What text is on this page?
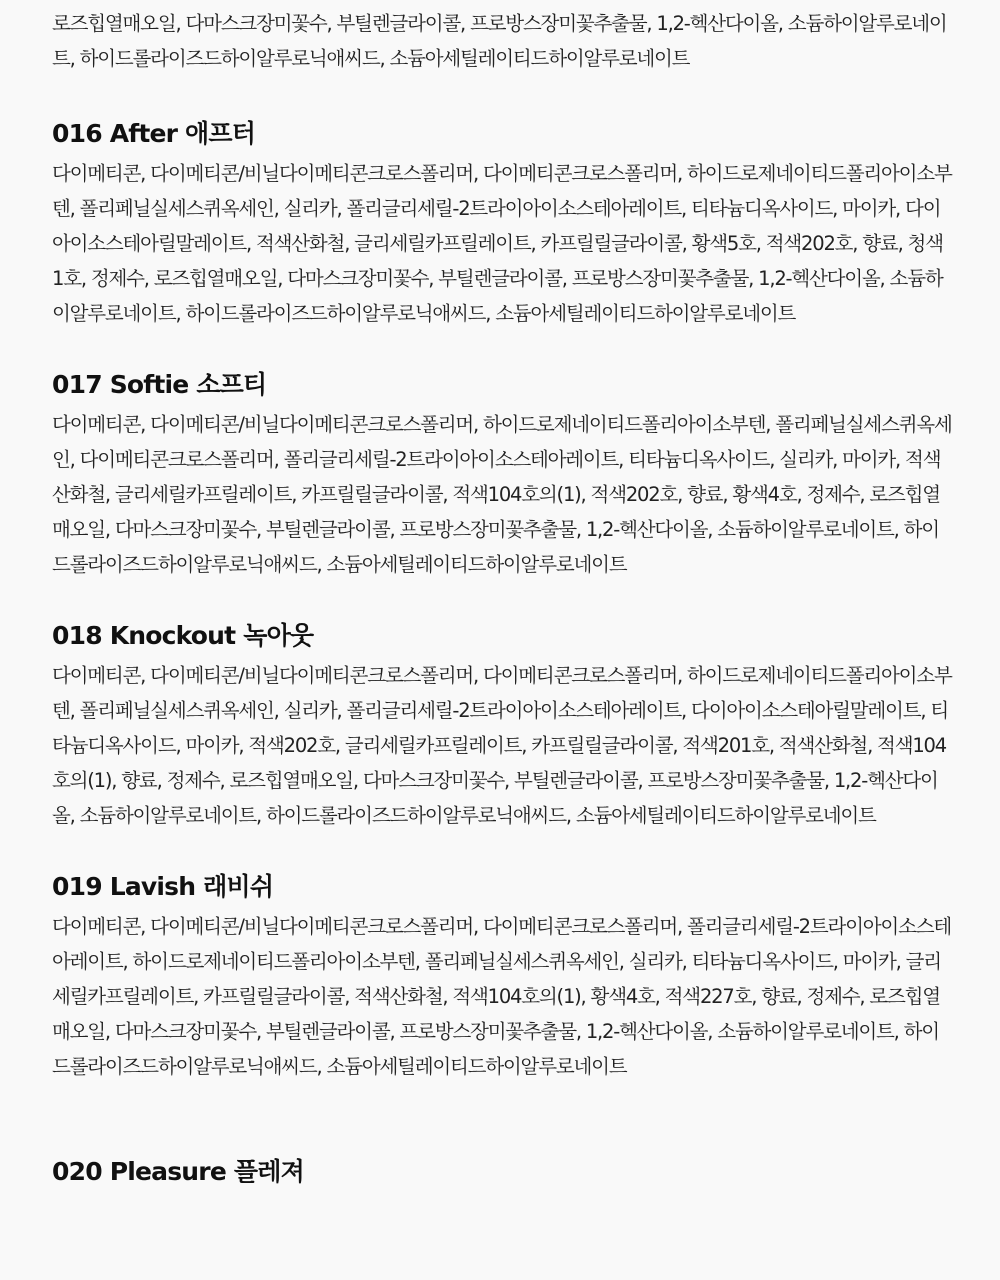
로즈힙열매오일, 다마스크장미꽃수, 부틸렌글라이콜, 프로방스장미꽃추출물, 1,2-헥산다이올, 소듐하이알루로네이트, 하이드롤라이즈드하이알루로닉애씨드, 소듐아세틸레이티드하이알루로네이트

016 After 애프터

다이메티콘, 다이메티콘/비닐다이메티콘크로스폴리머, 다이메티콘크로스폴리머, 하이드로제네이티드폴리아이소부텐, 폴리페닐실세스퀴옥세인, 실리카, 폴리글리세릴-2트라이아이소스테아레이트, 티타늄디옥사이드, 마이카, 다이아이소스테아릴말레이트, 적색산화철, 글리세릴카프릴레이트, 카프릴릴글라이콜, 황색5호, 적색202호, 향료, 청색1호, 정제수, 로즈힙열매오일, 다마스크장미꽃수, 부틸렌글라이콜, 프로방스장미꽃추출물, 1,2-헥산다이올, 소듐하이알루로네이트, 하이드롤라이즈드하이알루로닉애씨드, 소듐아세틸레이티드하이알루로네이트

017 Softie 소프티

다이메티콘, 다이메티콘/비닐다이메티콘크로스폴리머, 하이드로제네이티드폴리아이소부텐, 폴리페닐실세스퀴옥세인, 다이메티콘크로스폴리머, 폴리글리세릴-2트라이아이소스테아레이트, 티타늄디옥사이드, 실리카, 마이카, 적색산화철, 글리세릴카프릴레이트, 카프릴릴글라이콜, 적색104호의(1), 적색202호, 향료, 황색4호, 정제수, 로즈힙열매오일, 다마스크장미꽃수, 부틸렌글라이콜, 프로방스장미꽃추출물, 1,2-헥산다이올, 소듐하이알루로네이트, 하이드롤라이즈드하이알루로닉애씨드, 소듐아세틸레이티드하이알루로네이트

018 Knockout 녹아웃

다이메티콘, 다이메티콘/비닐다이메티콘크로스폴리머, 다이메티콘크로스폴리머, 하이드로제네이티드폴리아이소부텐, 폴리페닐실세스퀴옥세인, 실리카, 폴리글리세릴-2트라이아이소스테아레이트, 다이아이소스테아릴말레이트, 티타늄디옥사이드, 마이카, 적색202호, 글리세릴카프릴레이트, 카프릴릴글라이콜, 적색201호, 적색산화철, 적색104호의(1), 향료, 정제수, 로즈힙열매오일, 다마스크장미꽃수, 부틸렌글라이콜, 프로방스장미꽃추출물, 1,2-헥산다이올, 소듐하이알루로네이트, 하이드롤라이즈드하이알루로닉애씨드, 소듐아세틸레이티드하이알루로네이트

019 Lavish 래비쉬

다이메티콘, 다이메티콘/비닐다이메티콘크로스폴리머, 다이메티콘크로스폴리머, 폴리글리세릴-2트라이아이소스테아레이트, 하이드로제네이티드폴리아이소부텐, 폴리페닐실세스퀴옥세인, 실리카, 티타늄디옥사이드, 마이카, 글리세릴카프릴레이트, 카프릴릴글라이콜, 적색산화철, 적색104호의(1), 황색4호, 적색227호, 향료, 정제수, 로즈힙열매오일, 다마스크장미꽃수, 부틸렌글라이콜, 프로방스장미꽃추출물, 1,2-헥산다이올, 소듐하이알루로네이트, 하이드롤라이즈드하이알루로닉애씨드, 소듐아세틸레이티드하이알루로네이트

020 Pleasure 플레져
